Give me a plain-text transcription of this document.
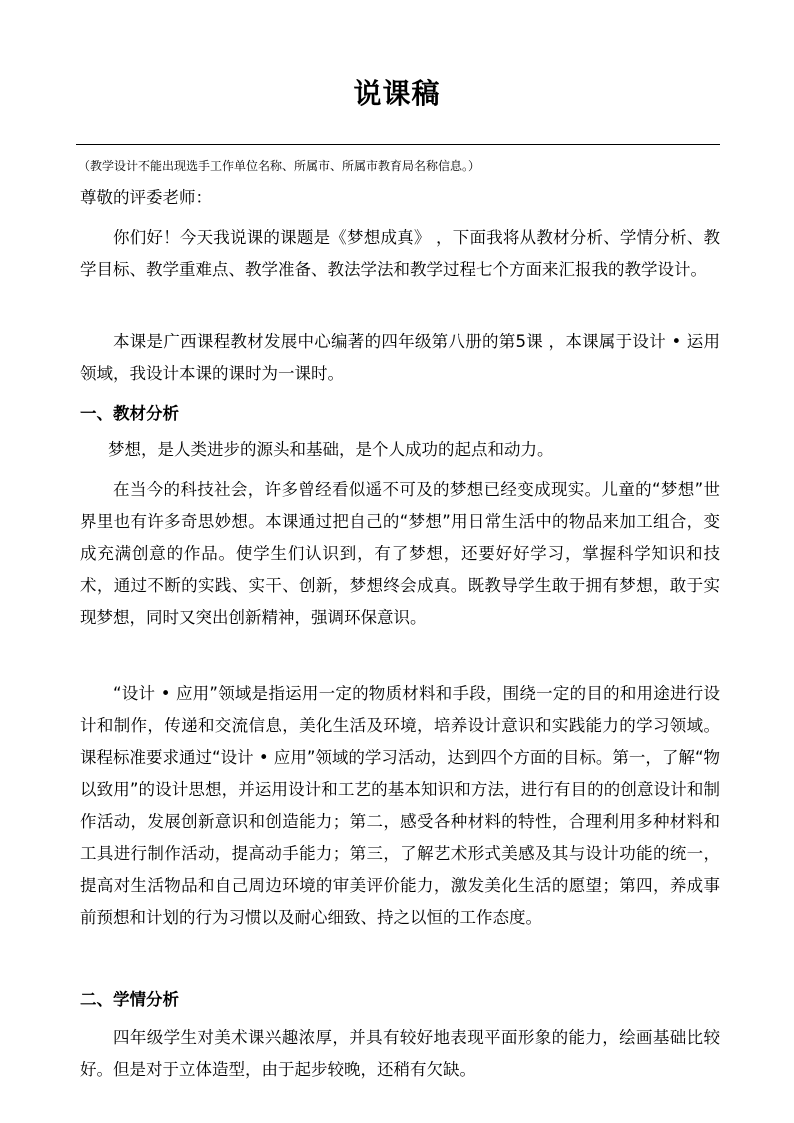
说课稿
（教学设计不能出现选手工作单位名称、所属市、所属市教育局名称信息。）
尊敬的评委老师：
你们好！今天我说课的课题是《梦想成真》 ，下面我将从教材分析、学情分析、教学目标、教学重难点、教学准备、教法学法和教学过程七个方面来汇报我的教学设计。
本课是广西课程教材发展中心编著的四年级第八册的第5课 ，本课属于设计 • 运用领域，我设计本课的课时为一课时。
一、教材分析
梦想，是人类进步的源头和基础，是个人成功的起点和动力。
在当今的科技社会，许多曾经看似遥不可及的梦想已经变成现实。儿童的“梦想”世界里也有许多奇思妙想。本课通过把自己的“梦想”用日常生活中的物品来加工组合，变成充满创意的作品。使学生们认识到，有了梦想，还要好好学习，掌握科学知识和技术，通过不断的实践、实干、创新，梦想终会成真。既教导学生敢于拥有梦想，敢于实现梦想，同时又突出创新精神，强调环保意识。
“设计 • 应用”领域是指运用一定的物质材料和手段，围绕一定的目的和用途进行设计和制作，传递和交流信息，美化生活及环境，培养设计意识和实践能力的学习领域。课程标准要求通过“设计 • 应用”领域的学习活动，达到四个方面的目标。第一，了解“物以致用”的设计思想，并运用设计和工艺的基本知识和方法，进行有目的的创意设计和制作活动，发展创新意识和创造能力；第二，感受各种材料的特性，合理利用多种材料和工具进行制作活动，提高动手能力；第三，了解艺术形式美感及其与设计功能的统一，提高对生活物品和自己周边环境的审美评价能力，激发美化生活的愿望；第四，养成事前预想和计划的行为习惯以及耐心细致、持之以恒的工作态度。
二、学情分析
四年级学生对美术课兴趣浓厚，并具有较好地表现平面形象的能力，绘画基础比较好。但是对于立体造型，由于起步较晚，还稍有欠缺。
